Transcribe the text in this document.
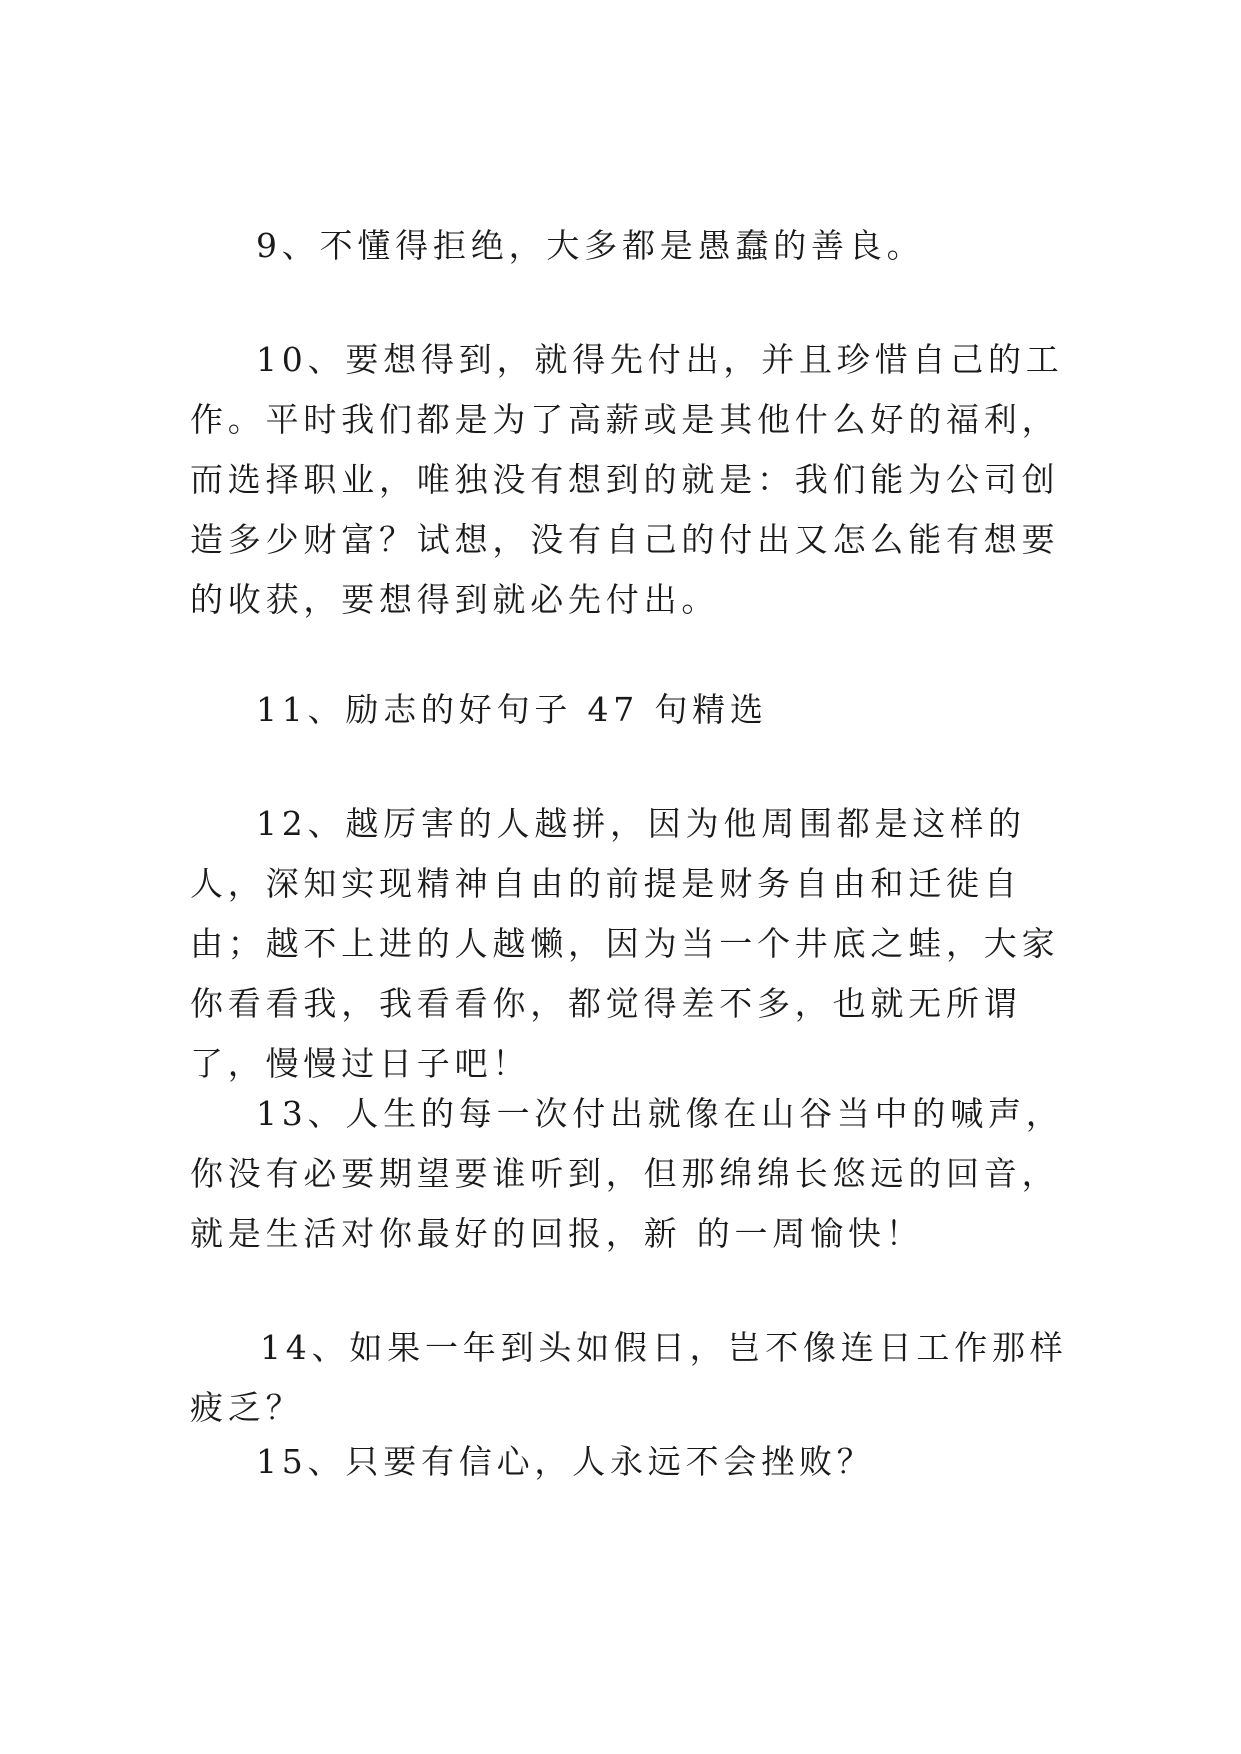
9、不懂得拒绝，大多都是愚蠢的善良。

10、要想得到，就得先付出，并且珍惜自己的工作。平时我们都是为了高薪或是其他什么好的福利，而选择职业，唯独没有想到的就是：我们能为公司创造多少财富？试想，没有自己的付出又怎么能有想要的收获，要想得到就必先付出。

11、励志的好句子 47 句精选

12、越厉害的人越拼，因为他周围都是这样的人，深知实现精神自由的前提是财务自由和迁徙自由；越不上进的人越懒，因为当一个井底之蛙，大家你看看我，我看看你，都觉得差不多，也就无所谓了，慢慢过日子吧！

13、人生的每一次付出就像在山谷当中的喊声，你没有必要期望要谁听到，但那绵绵长悠远的回音，就是生活对你最好的回报，新 的一周愉快！

14、如果一年到头如假日，岂不像连日工作那样疲乏？

15、只要有信心，人永远不会挫败？
